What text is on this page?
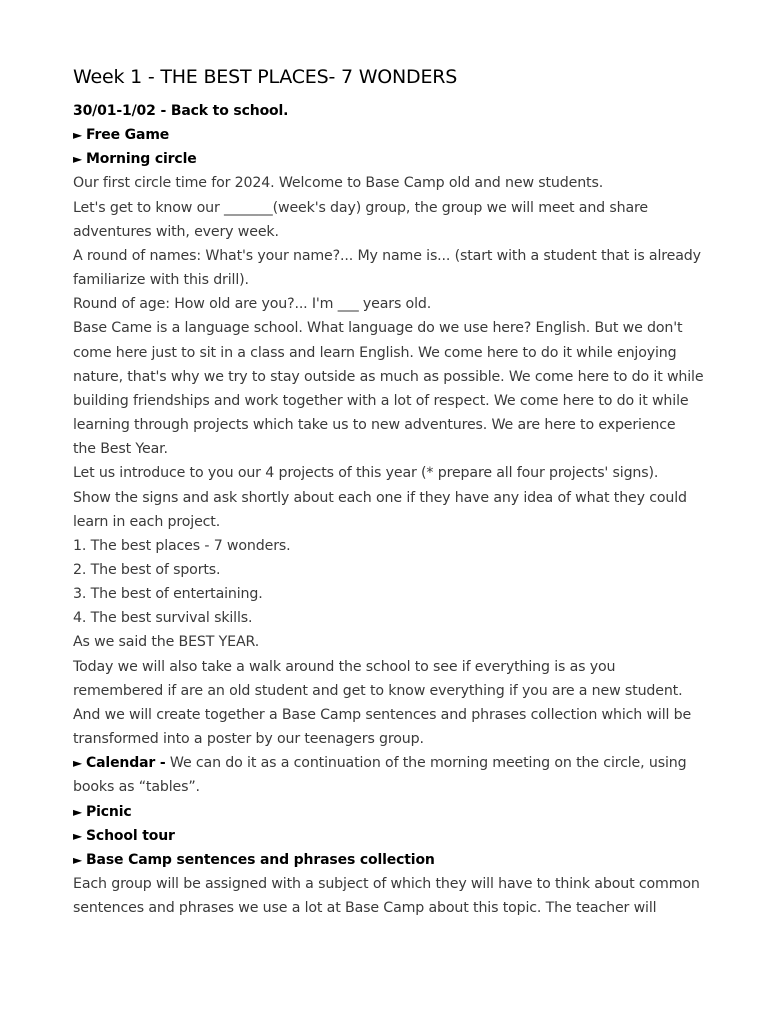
Week 1 - THE BEST PLACES- 7 WONDERS
30/01-1/02 - Back to school.
► Free Game
► Morning circle
Our first circle time for 2024. Welcome to Base Camp old and new students.
Let's get to know our _______(week's day) group, the group we will meet and share
adventures with, every week.
A round of names: What's your name?... My name is... (start with a student that is already
familiarize with this drill).
Round of age: How old are you?... I'm ___ years old.
Base Came is a language school. What language do we use here? English. But we don't
come here just to sit in a class and learn English. We come here to do it while enjoying
nature, that's why we try to stay outside as much as possible. We come here to do it while
building friendships and work together with a lot of respect. We come here to do it while
learning through projects which take us to new adventures. We are here to experience
the Best Year.
Let us introduce to you our 4 projects of this year (* prepare all four projects' signs).
Show the signs and ask shortly about each one if they have any idea of what they could
learn in each project.
1. The best places - 7 wonders.
2. The best of sports.
3. The best of entertaining.
4. The best survival skills.
As we said the BEST YEAR.
Today we will also take a walk around the school to see if everything is as you
remembered if are an old student and get to know everything if you are a new student.
And we will create together a Base Camp sentences and phrases collection which will be
transformed into a poster by our teenagers group.
► Calendar - We can do it as a continuation of the morning meeting on the circle, using
books as “tables”.
► Picnic
► School tour
► Base Camp sentences and phrases collection
Each group will be assigned with a subject of which they will have to think about common
sentences and phrases we use a lot at Base Camp about this topic. The teacher will
